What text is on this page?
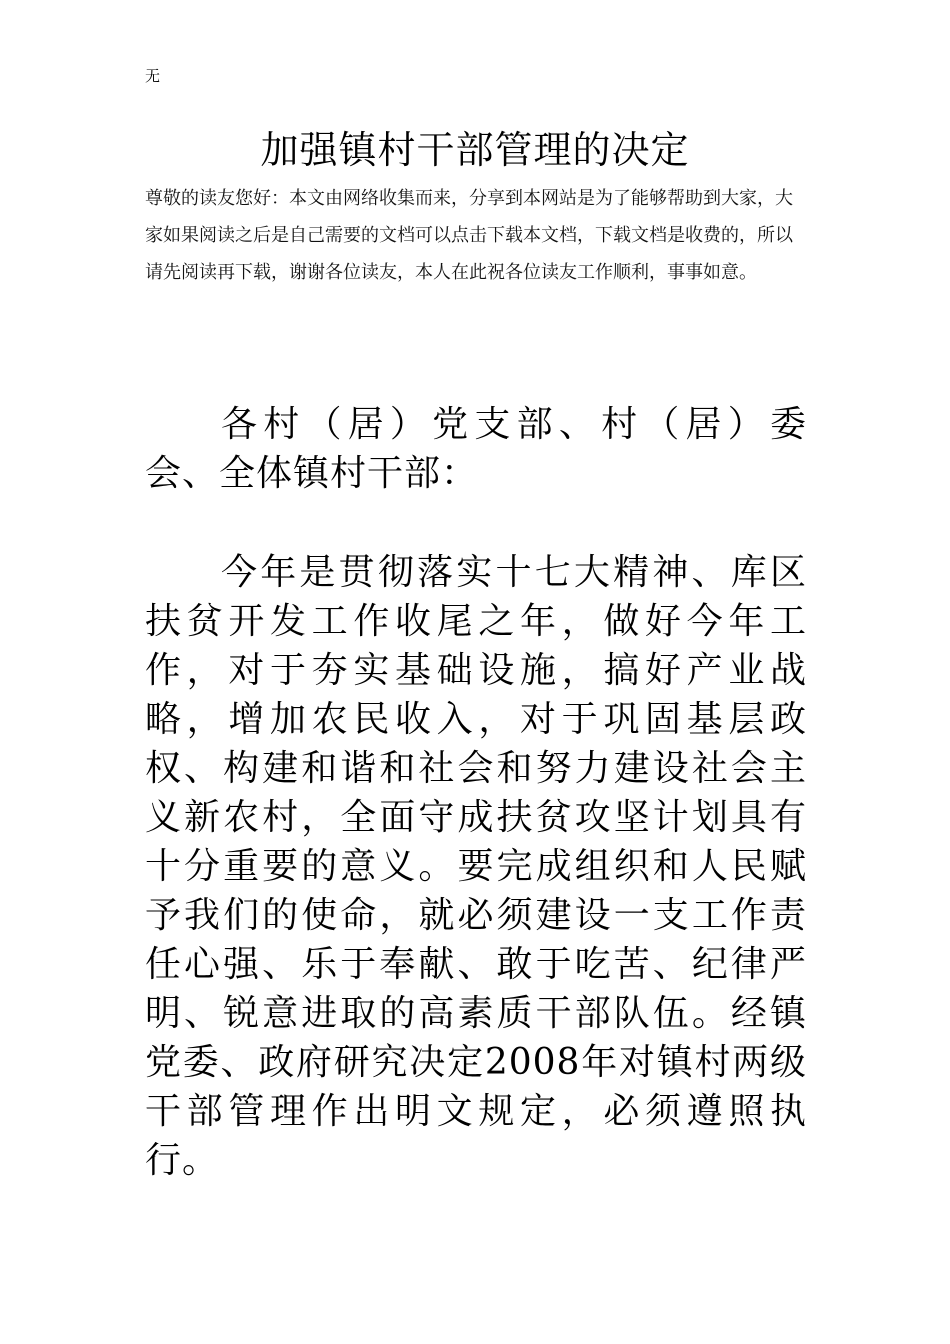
无
加强镇村干部管理的决定
尊敬的读友您好：本文由网络收集而来，分享到本网站是为了能够帮助到大家，大家如果阅读之后是自己需要的文档可以点击下载本文档，下载文档是收费的，所以请先阅读再下载，谢谢各位读友，本人在此祝各位读友工作顺利，事事如意。

各村（居）党支部、村（居）委会、全体镇村干部：

今年是贯彻落实十七大精神、库区扶贫开发工作收尾之年，做好今年工作，对于夯实基础设施，搞好产业战略，增加农民收入，对于巩固基层政权、构建和谐和社会和努力建设社会主义新农村，全面守成扶贫攻坚计划具有十分重要的意义。要完成组织和人民赋予我们的使命，就必须建设一支工作责任心强、乐于奉献、敢于吃苦、纪律严明、锐意进取的高素质干部队伍。经镇党委、政府研究决定2008年对镇村两级干部管理作出明文规定，必须遵照执行。
